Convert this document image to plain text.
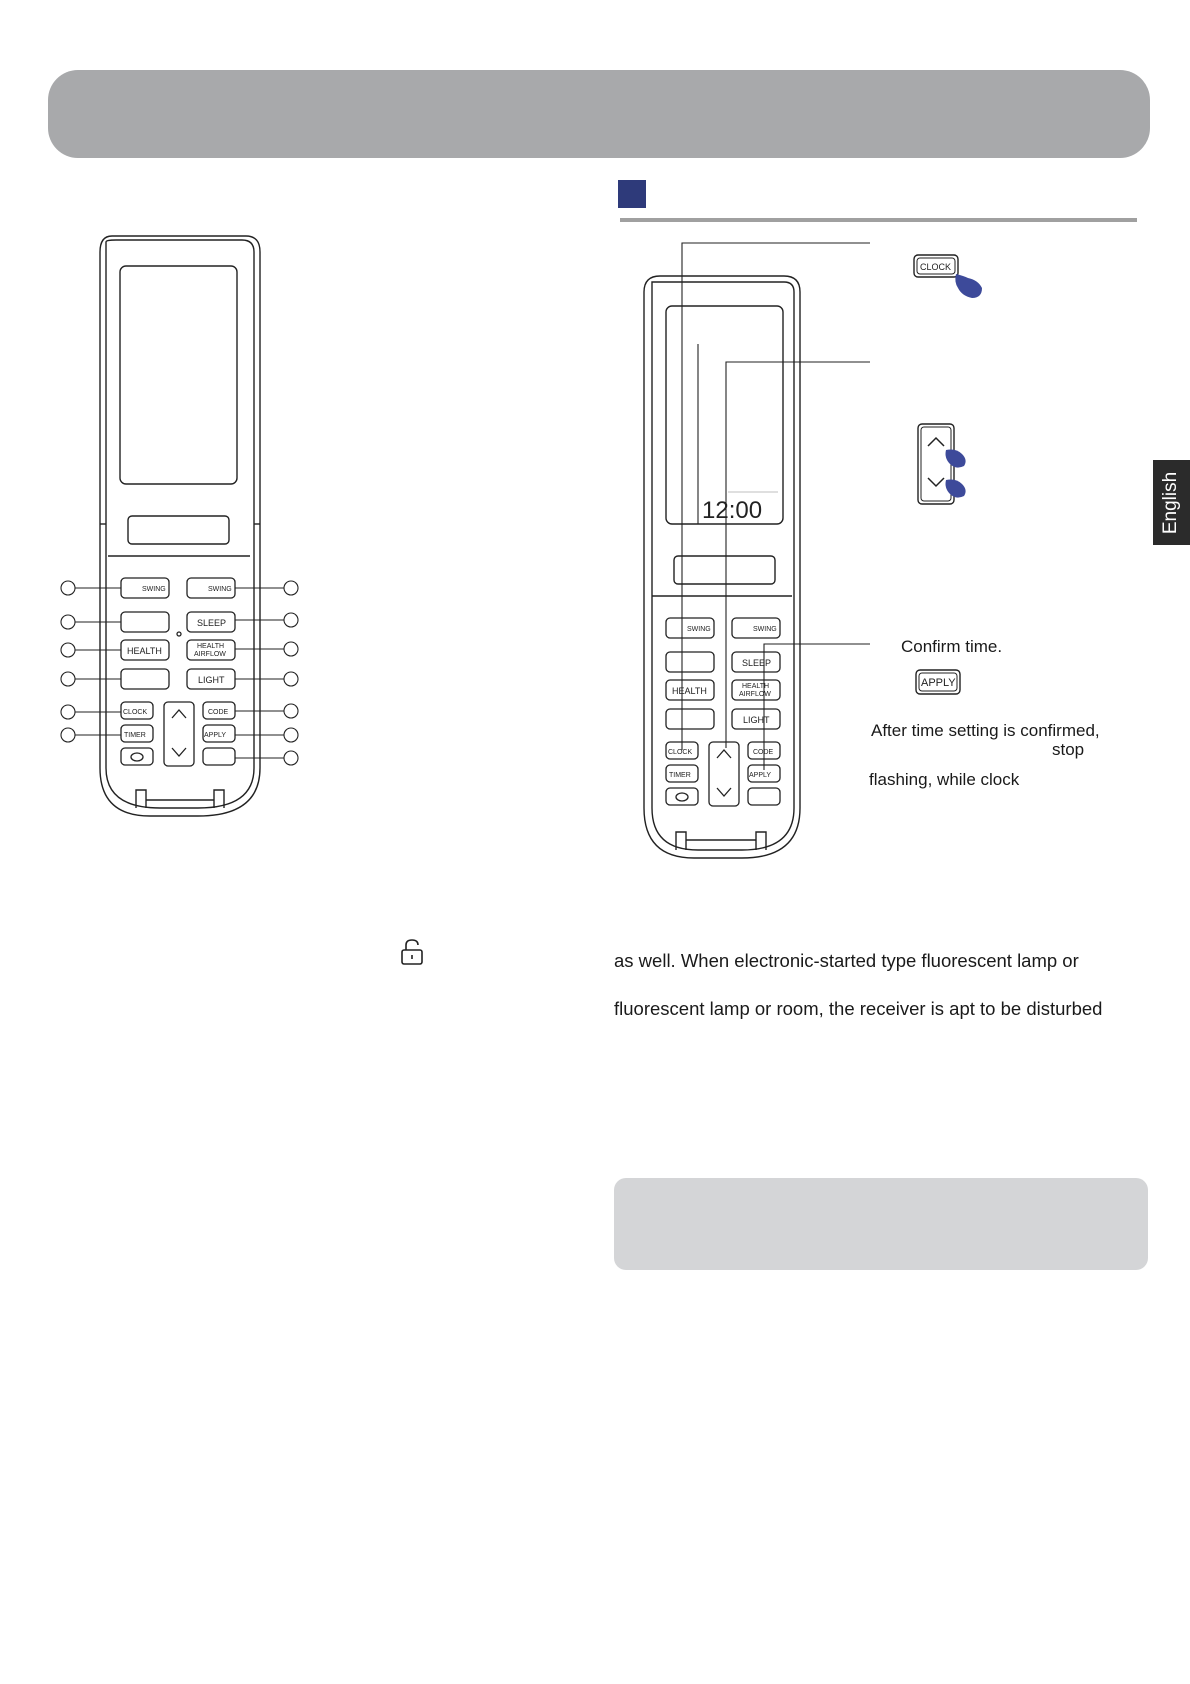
English
SWING	SWING
SLEEP
HEALTH	HEALTH
AIRFLOW
LIGHT
CLOCK	CODE
TIMER	APPLY
12:00
SWING	SWING
SLEEP
HEALTH	HEALTH
AIRFLOW
LIGHT
CLOCK	CODE
TIMER	APPLY
CLOCK

Confirm time.

APPLY

After time setting is confirmed,

stop

flashing, while clock

as well. When electronic-started type fluorescent lamp or

fluorescent lamp or room, the receiver is apt to be disturbed
